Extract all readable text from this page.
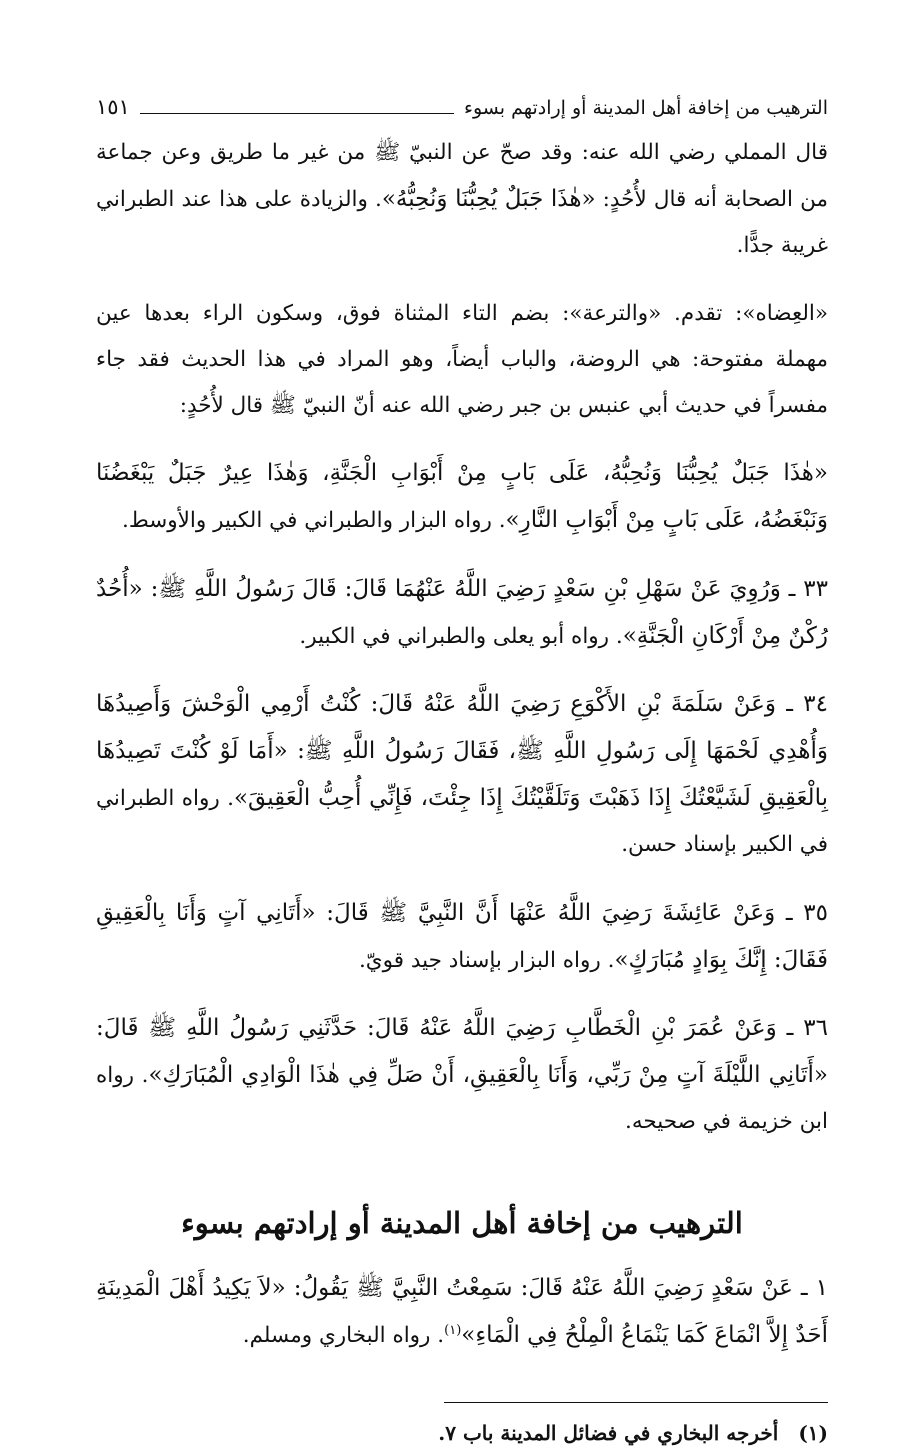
الترهيب من إخافة أهل المدينة أو إرادتهم بسوء
١٥١

قال المملي رضي الله عنه: وقد صحّ عن النبيّ ﷺ من غير ما طريق وعن جماعة من الصحابة أنه قال لأُحُدٍ: «هٰذَا جَبَلٌ يُحِبُّنَا وَنُحِبُّهُ». والزيادة على هذا عند الطبراني غريبة جدًّا.

«العِضاه»: تقدم. «والترعة»: بضم التاء المثناة فوق، وسكون الراء بعدها عين مهملة مفتوحة: هي الروضة، والباب أيضاً، وهو المراد في هذا الحديث فقد جاء مفسراً في حديث أبي عنبس بن جبر رضي الله عنه أنّ النبيّ ﷺ قال لأُحُدٍ:

«هٰذَا جَبَلٌ يُحِبُّنَا وَنُحِبُّهُ، عَلَى بَابٍ مِنْ أَبْوَابِ الْجَنَّةِ، وَهٰذَا عِيرٌ جَبَلٌ يَبْغَضُنَا وَنَبْغَضُهُ، عَلَى بَابٍ مِنْ أَبْوَابِ النَّارِ». رواه البزار والطبراني في الكبير والأوسط.

٣٣ ـ وَرُوِيَ عَنْ سَهْلِ بْنِ سَعْدٍ رَضِيَ اللَّهُ عَنْهُمَا قَالَ: قَالَ رَسُولُ اللَّهِ ﷺ: «أُحُدٌ رُكْنٌ مِنْ أَرْكَانِ الْجَنَّةِ». رواه أبو يعلى والطبراني في الكبير.

٣٤ ـ وَعَنْ سَلَمَةَ بْنِ الأَكْوَعِ رَضِيَ اللَّهُ عَنْهُ قَالَ: كُنْتُ أَرْمِي الْوَحْشَ وَأَصِيدُهَا وَأُهْدِي لَحْمَهَا إِلَى رَسُولِ اللَّهِ ﷺ، فَقَالَ رَسُولُ اللَّهِ ﷺ: «أَمَا لَوْ كُنْتَ تَصِيدُهَا بِالْعَقِيقِ لَشَيَّعْتُكَ إِذَا ذَهَبْتَ وَتَلَقَّيْتُكَ إِذَا جِئْتَ، فَإِنِّي أُحِبُّ الْعَقِيقَ». رواه الطبراني في الكبير بإسناد حسن.

٣٥ ـ وَعَنْ عَائِشَةَ رَضِيَ اللَّهُ عَنْهَا أَنَّ النَّبِيَّ ﷺ قَالَ: «أَتَانِي آتٍ وَأَنَا بِالْعَقِيقِ فَقَالَ: إِنَّكَ بِوَادٍ مُبَارَكٍ». رواه البزار بإسناد جيد قويّ.

٣٦ ـ وَعَنْ عُمَرَ بْنِ الْخَطَّابِ رَضِيَ اللَّهُ عَنْهُ قَالَ: حَدَّثَنِي رَسُولُ اللَّهِ ﷺ قَالَ: «أَتَانِي اللَّيْلَةَ آتٍ مِنْ رَبِّي، وَأَنَا بِالْعَقِيقِ، أَنْ صَلِّ فِي هٰذَا الْوَادِي الْمُبَارَكِ». رواه ابن خزيمة في صحيحه.

الترهيب من إخافة أهل المدينة أو إرادتهم بسوء

١ ـ عَنْ سَعْدٍ رَضِيَ اللَّهُ عَنْهُ قَالَ: سَمِعْتُ النَّبِيَّ ﷺ يَقُولُ: «لاَ يَكِيدُ أَهْلَ الْمَدِينَةِ أَحَدٌ إِلاَّ انْمَاعَ كَمَا يَنْمَاعُ الْمِلْحُ فِي الْمَاءِ»$^{(١)}$. رواه البخاري ومسلم.

(١)أخرجه البخاري في فضائل المدينة باب ٧.
